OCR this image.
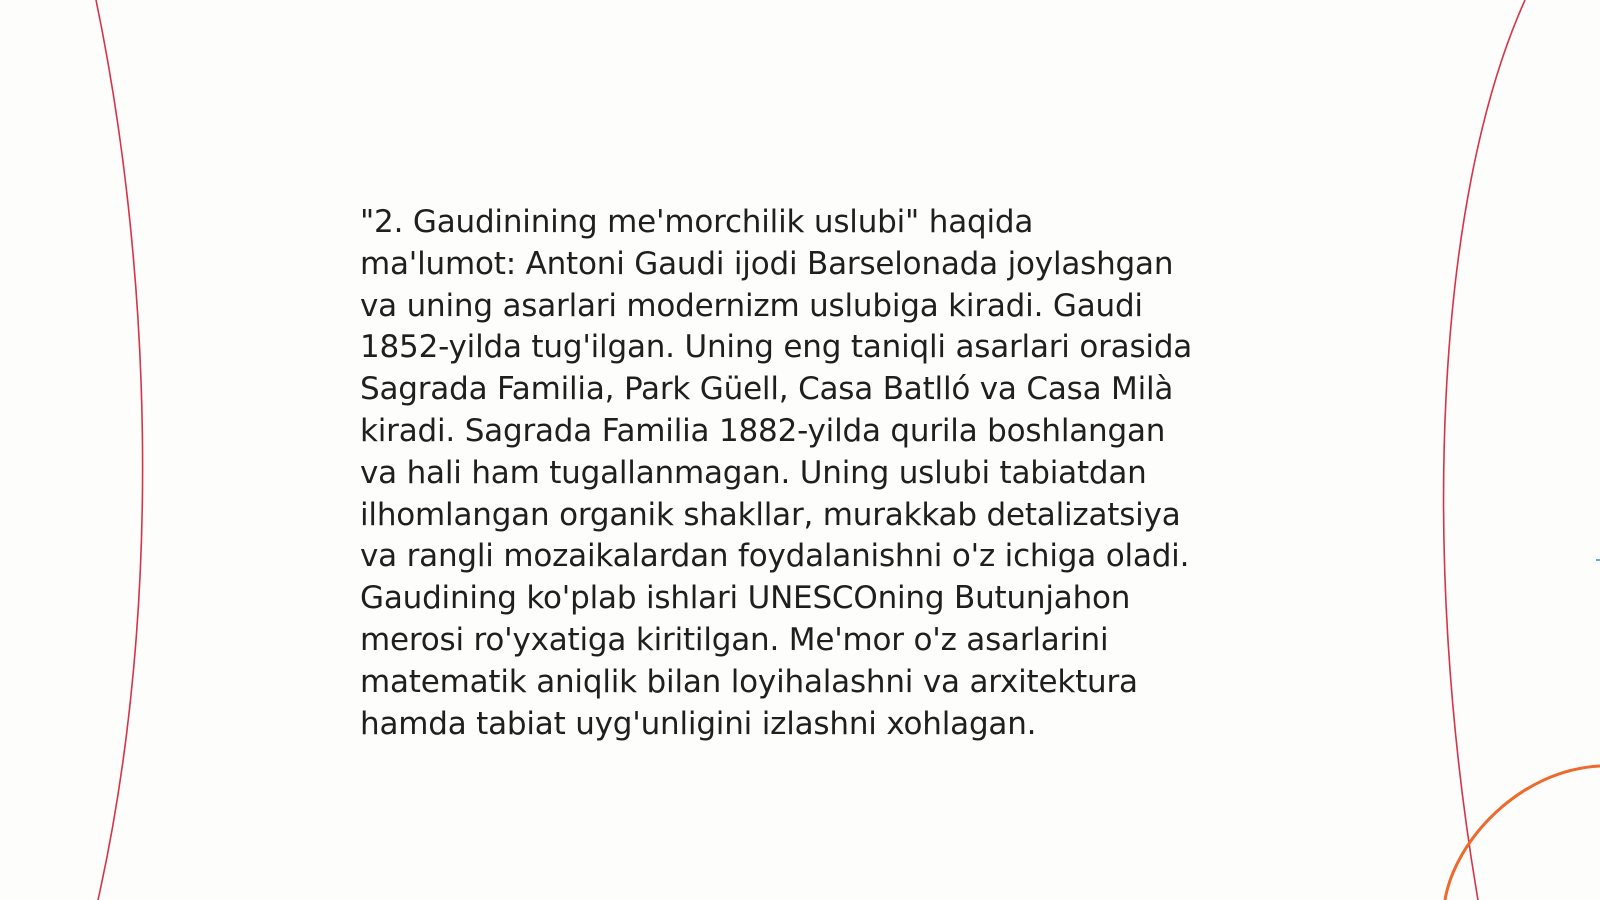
"2. Gaudinining me'morchilik uslubi" haqida
ma'lumot: Antoni Gaudi ijodi Barselonada joylashgan
va uning asarlari modernizm uslubiga kiradi. Gaudi
1852-yilda tug'ilgan. Uning eng taniqli asarlari orasida
Sagrada Familia, Park Güell, Casa Batlló va Casa Milà
kiradi. Sagrada Familia 1882-yilda qurila boshlangan
va hali ham tugallanmagan. Uning uslubi tabiatdan
ilhomlangan organik shakllar, murakkab detalizatsiya
va rangli mozaikalardan foydalanishni o'z ichiga oladi.
Gaudining ko'plab ishlari UNESCOning Butunjahon
merosi ro'yxatiga kiritilgan. Me'mor o'z asarlarini
matematik aniqlik bilan loyihalashni va arxitektura
hamda tabiat uyg'unligini izlashni xohlagan.
